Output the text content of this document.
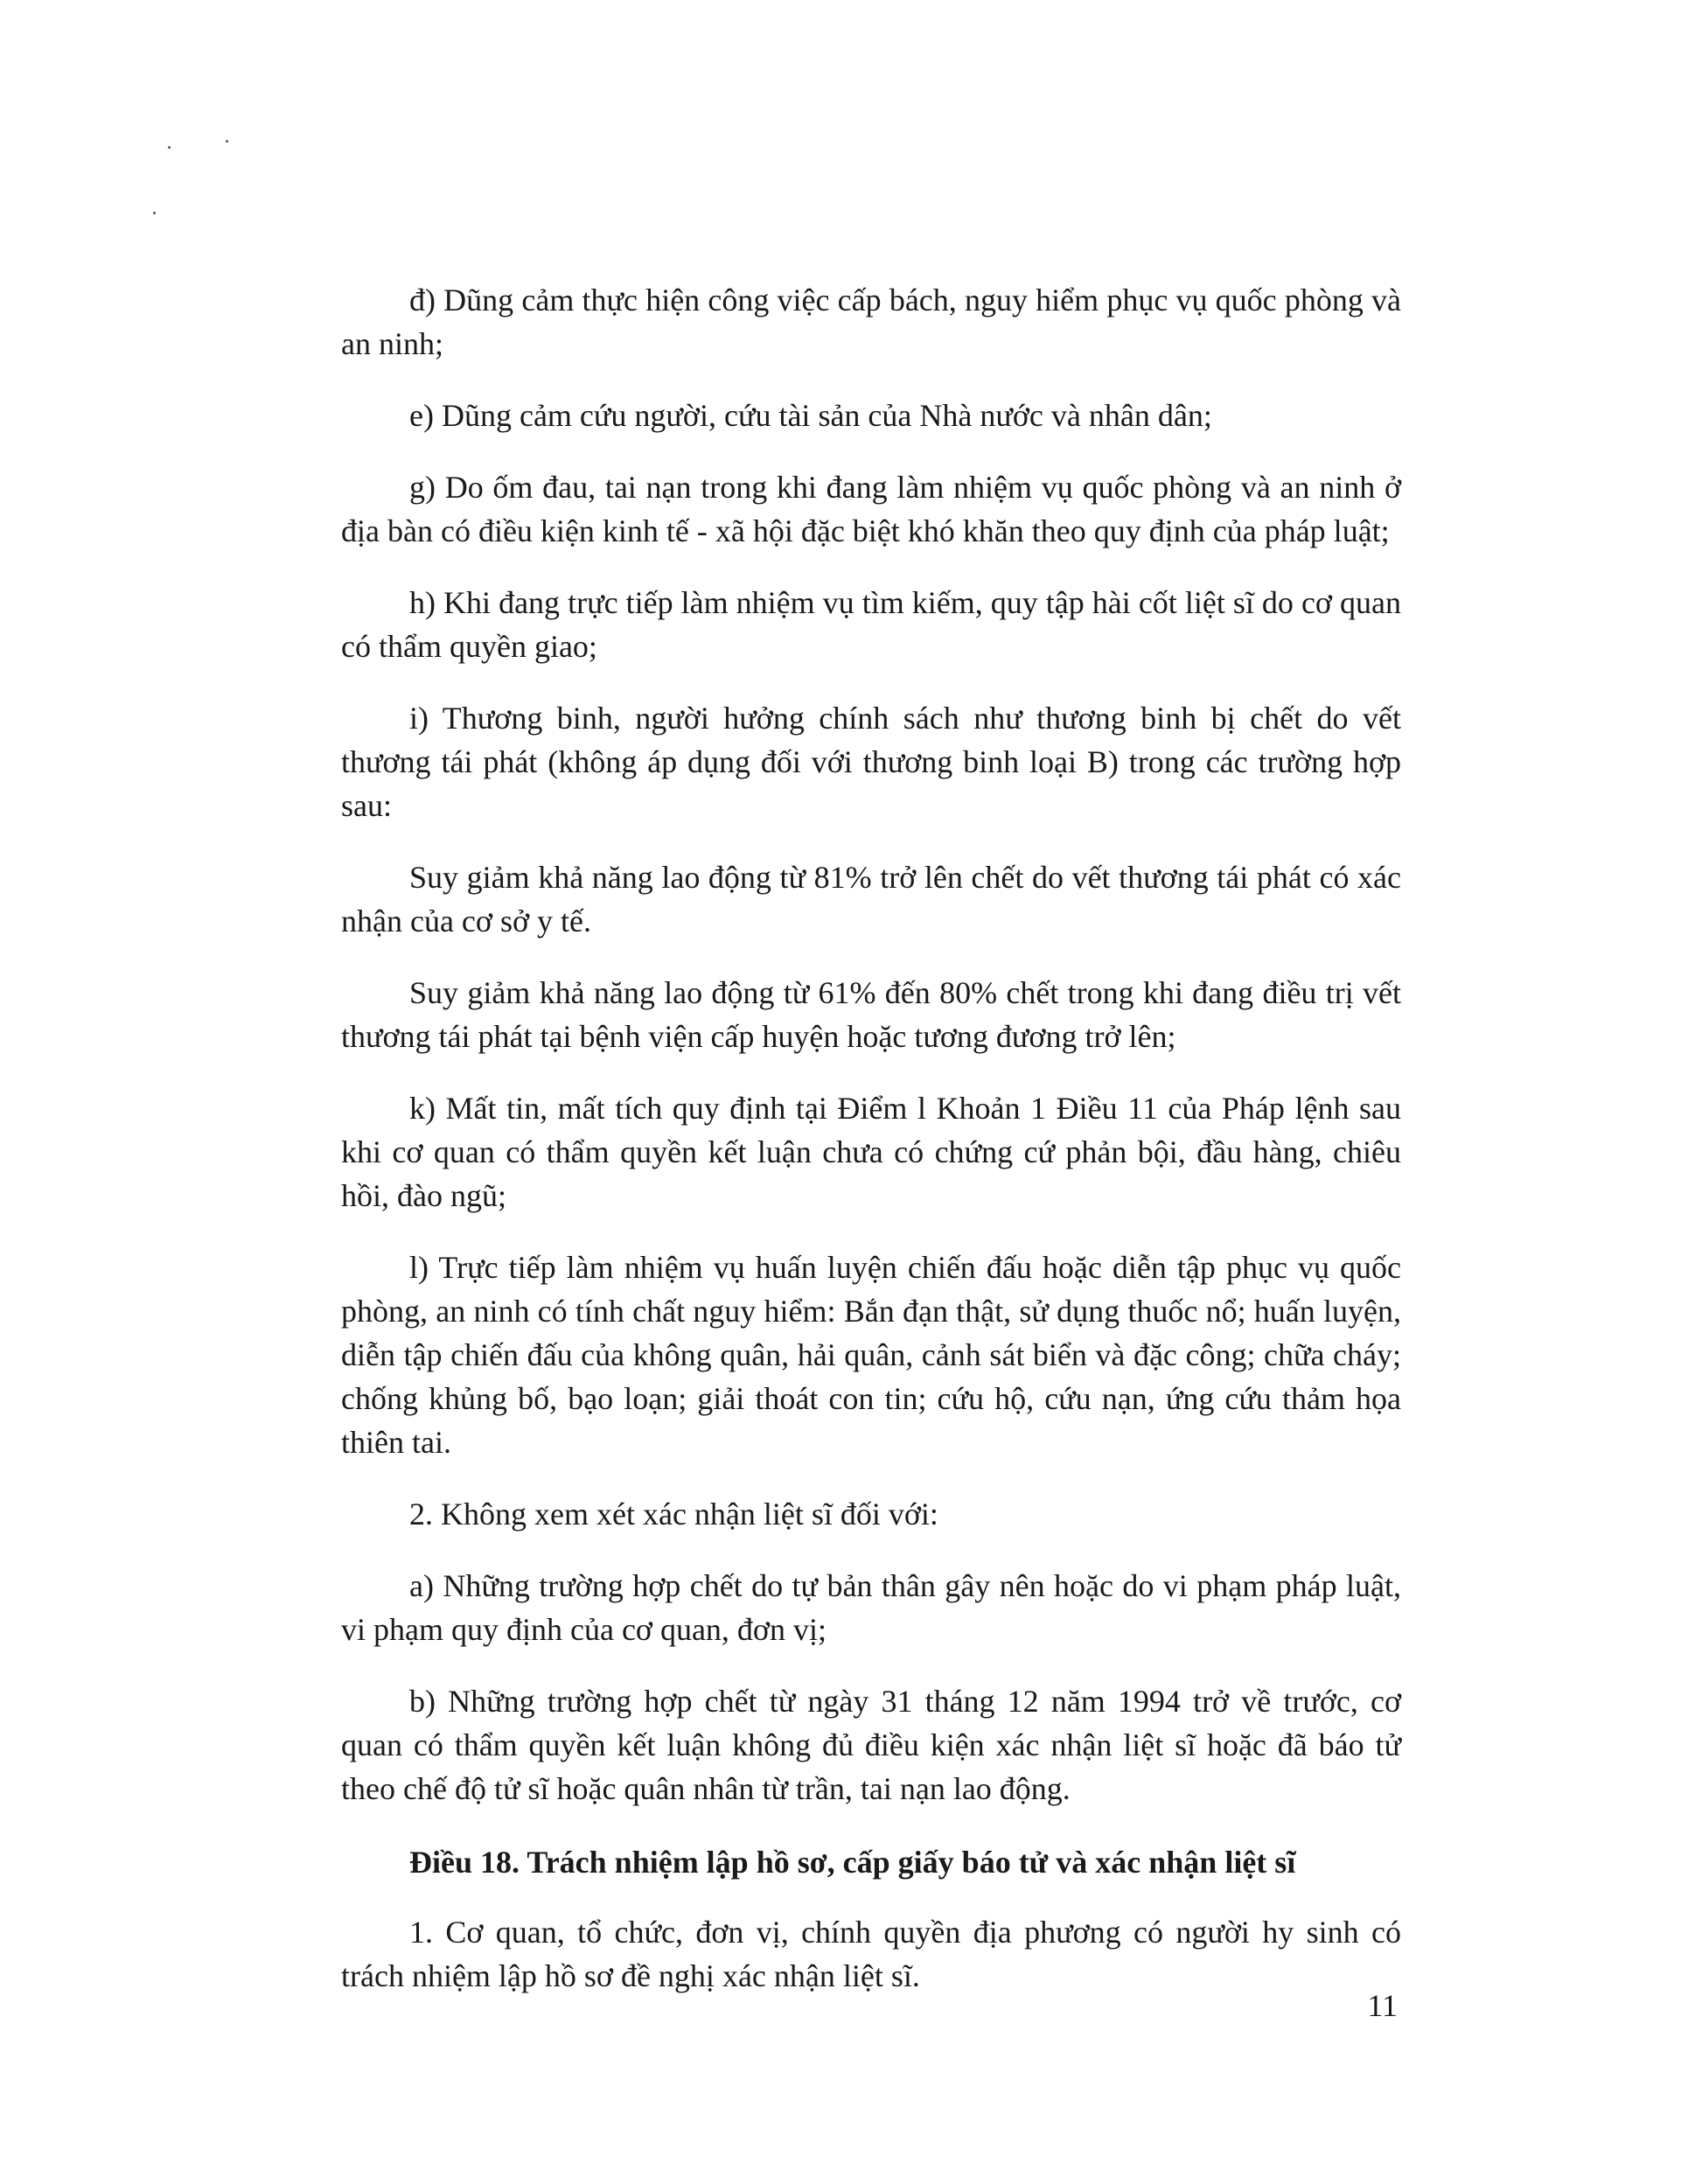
đ) Dũng cảm thực hiện công việc cấp bách, nguy hiểm phục vụ quốc phòng và an ninh;

e) Dũng cảm cứu người, cứu tài sản của Nhà nước và nhân dân;

g) Do ốm đau, tai nạn trong khi đang làm nhiệm vụ quốc phòng và an ninh ở địa bàn có điều kiện kinh tế - xã hội đặc biệt khó khăn theo quy định của pháp luật;

h) Khi đang trực tiếp làm nhiệm vụ tìm kiếm, quy tập hài cốt liệt sĩ do cơ quan có thẩm quyền giao;

i) Thương binh, người hưởng chính sách như thương binh bị chết do vết thương tái phát (không áp dụng đối với thương binh loại B) trong các trường hợp sau:

Suy giảm khả năng lao động từ 81% trở lên chết do vết thương tái phát có xác nhận của cơ sở y tế.

Suy giảm khả năng lao động từ 61% đến 80% chết trong khi đang điều trị vết thương tái phát tại bệnh viện cấp huyện hoặc tương đương trở lên;

k) Mất tin, mất tích quy định tại Điểm l Khoản 1 Điều 11 của Pháp lệnh sau khi cơ quan có thẩm quyền kết luận chưa có chứng cứ phản bội, đầu hàng, chiêu hồi, đào ngũ;

l) Trực tiếp làm nhiệm vụ huấn luyện chiến đấu hoặc diễn tập phục vụ quốc phòng, an ninh có tính chất nguy hiểm: Bắn đạn thật, sử dụng thuốc nổ; huấn luyện, diễn tập chiến đấu của không quân, hải quân, cảnh sát biển và đặc công; chữa cháy; chống khủng bố, bạo loạn; giải thoát con tin; cứu hộ, cứu nạn, ứng cứu thảm họa thiên tai.

2. Không xem xét xác nhận liệt sĩ đối với:

a) Những trường hợp chết do tự bản thân gây nên hoặc do vi phạm pháp luật, vi phạm quy định của cơ quan, đơn vị;

b) Những trường hợp chết từ ngày 31 tháng 12 năm 1994 trở về trước, cơ quan có thẩm quyền kết luận không đủ điều kiện xác nhận liệt sĩ hoặc đã báo tử theo chế độ tử sĩ hoặc quân nhân từ trần, tai nạn lao động.

Điều 18. Trách nhiệm lập hồ sơ, cấp giấy báo tử và xác nhận liệt sĩ

1. Cơ quan, tổ chức, đơn vị, chính quyền địa phương có người hy sinh có trách nhiệm lập hồ sơ đề nghị xác nhận liệt sĩ.

11
